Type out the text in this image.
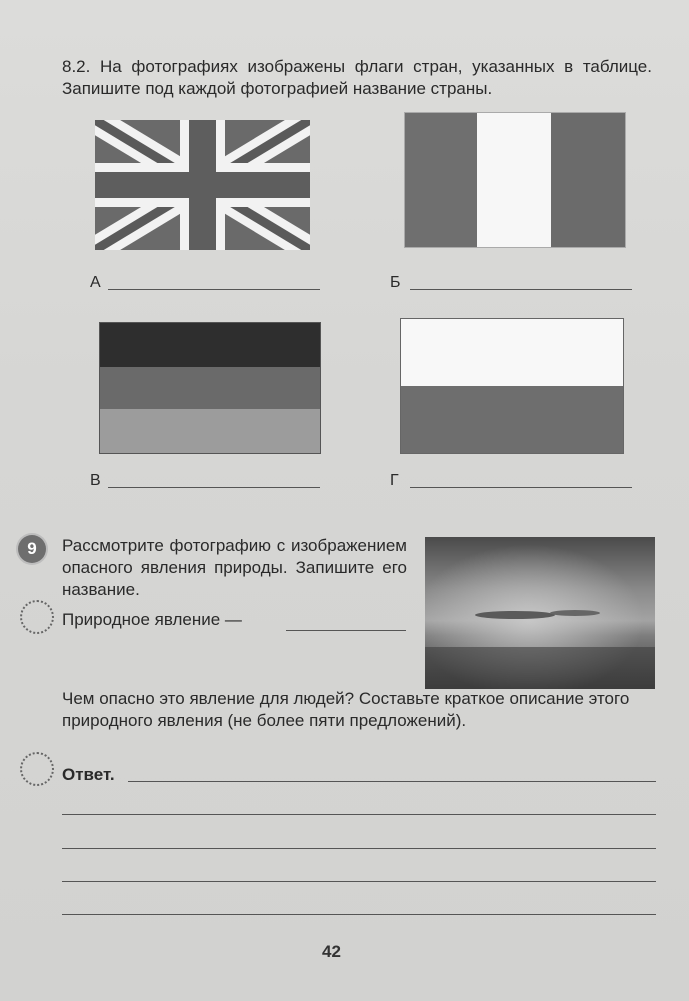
8.2. На фотографиях изображены флаги стран, указанных в таблице. Запишите под каждой фотографией название страны.
А	Б
В	Г
9	Рассмотрите фотографию с изображением опасного явления природы. Запишите его название.
Природное явление —
Чем опасно это явление для людей? Составьте краткое описание этого природного явления (не более пяти предложений).
Ответ.
42
